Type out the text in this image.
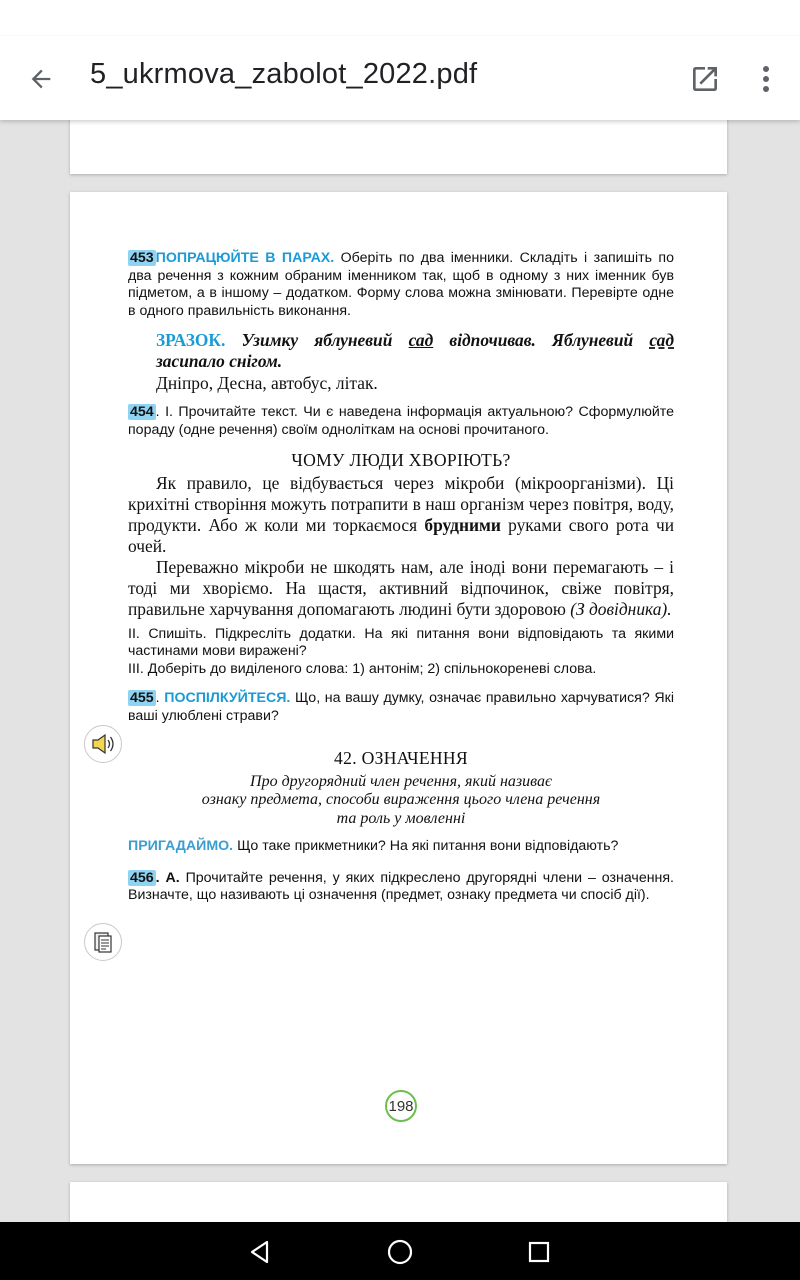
5_ukrmova_zabolot_2022.pdf
453 ПОПРАЦЮЙТЕ В ПАРАХ. Оберіть по два іменники. Складіть і запишіть по два речення з кожним обраним іменником так, щоб в одному з них іменник був підметом, а в іншому – додатком. Форму слова можна змінювати. Перевірте одне в одного правильність виконання.
ЗРАЗОК. Узимку яблуневий сад відпочивав. Яблуневий сад засипало снігом.
Дніпро, Десна, автобус, літак.
454 . І. Прочитайте текст. Чи є наведена інформація актуальною? Сформулюйте пораду (одне речення) своїм одноліткам на основі прочитаного.
ЧОМУ ЛЮДИ ХВОРІЮТЬ?
Як правило, це відбувається через мікроби (мікроорганізми). Ці крихітні створіння можуть потрапити в наш організм через повітря, воду, продукти. Або ж коли ми торкаємося брудними руками свого рота чи очей.
Переважно мікроби не шкодять нам, але іноді вони перемагають – і тоді ми хворіємо. На щастя, активний відпочинок, свіже повітря, правильне харчування допомагають людині бути здоровою (З довідника).
ІІ. Спишіть. Підкресліть додатки. На які питання вони відповідають та якими частинами мови виражені?
ІІІ. Доберіть до виділеного слова: 1) антонім; 2) спільнокореневі слова.
455 . ПОСПІЛКУЙТЕСЯ. Що, на вашу думку, означає правильно харчуватися? Які ваші улюблені страви?
42. ОЗНАЧЕННЯ
Про другорядний член речення, який називає
ознаку предмета, способи вираження цього члена речення
та роль у мовленні
ПРИГАДАЙМО. Що таке прикметники? На які питання вони відповідають?
456 . А. Прочитайте речення, у яких підкреслено другорядні члени – означення. Визначте, що називають ці означення (предмет, ознаку предмета чи спосіб дії).
198
